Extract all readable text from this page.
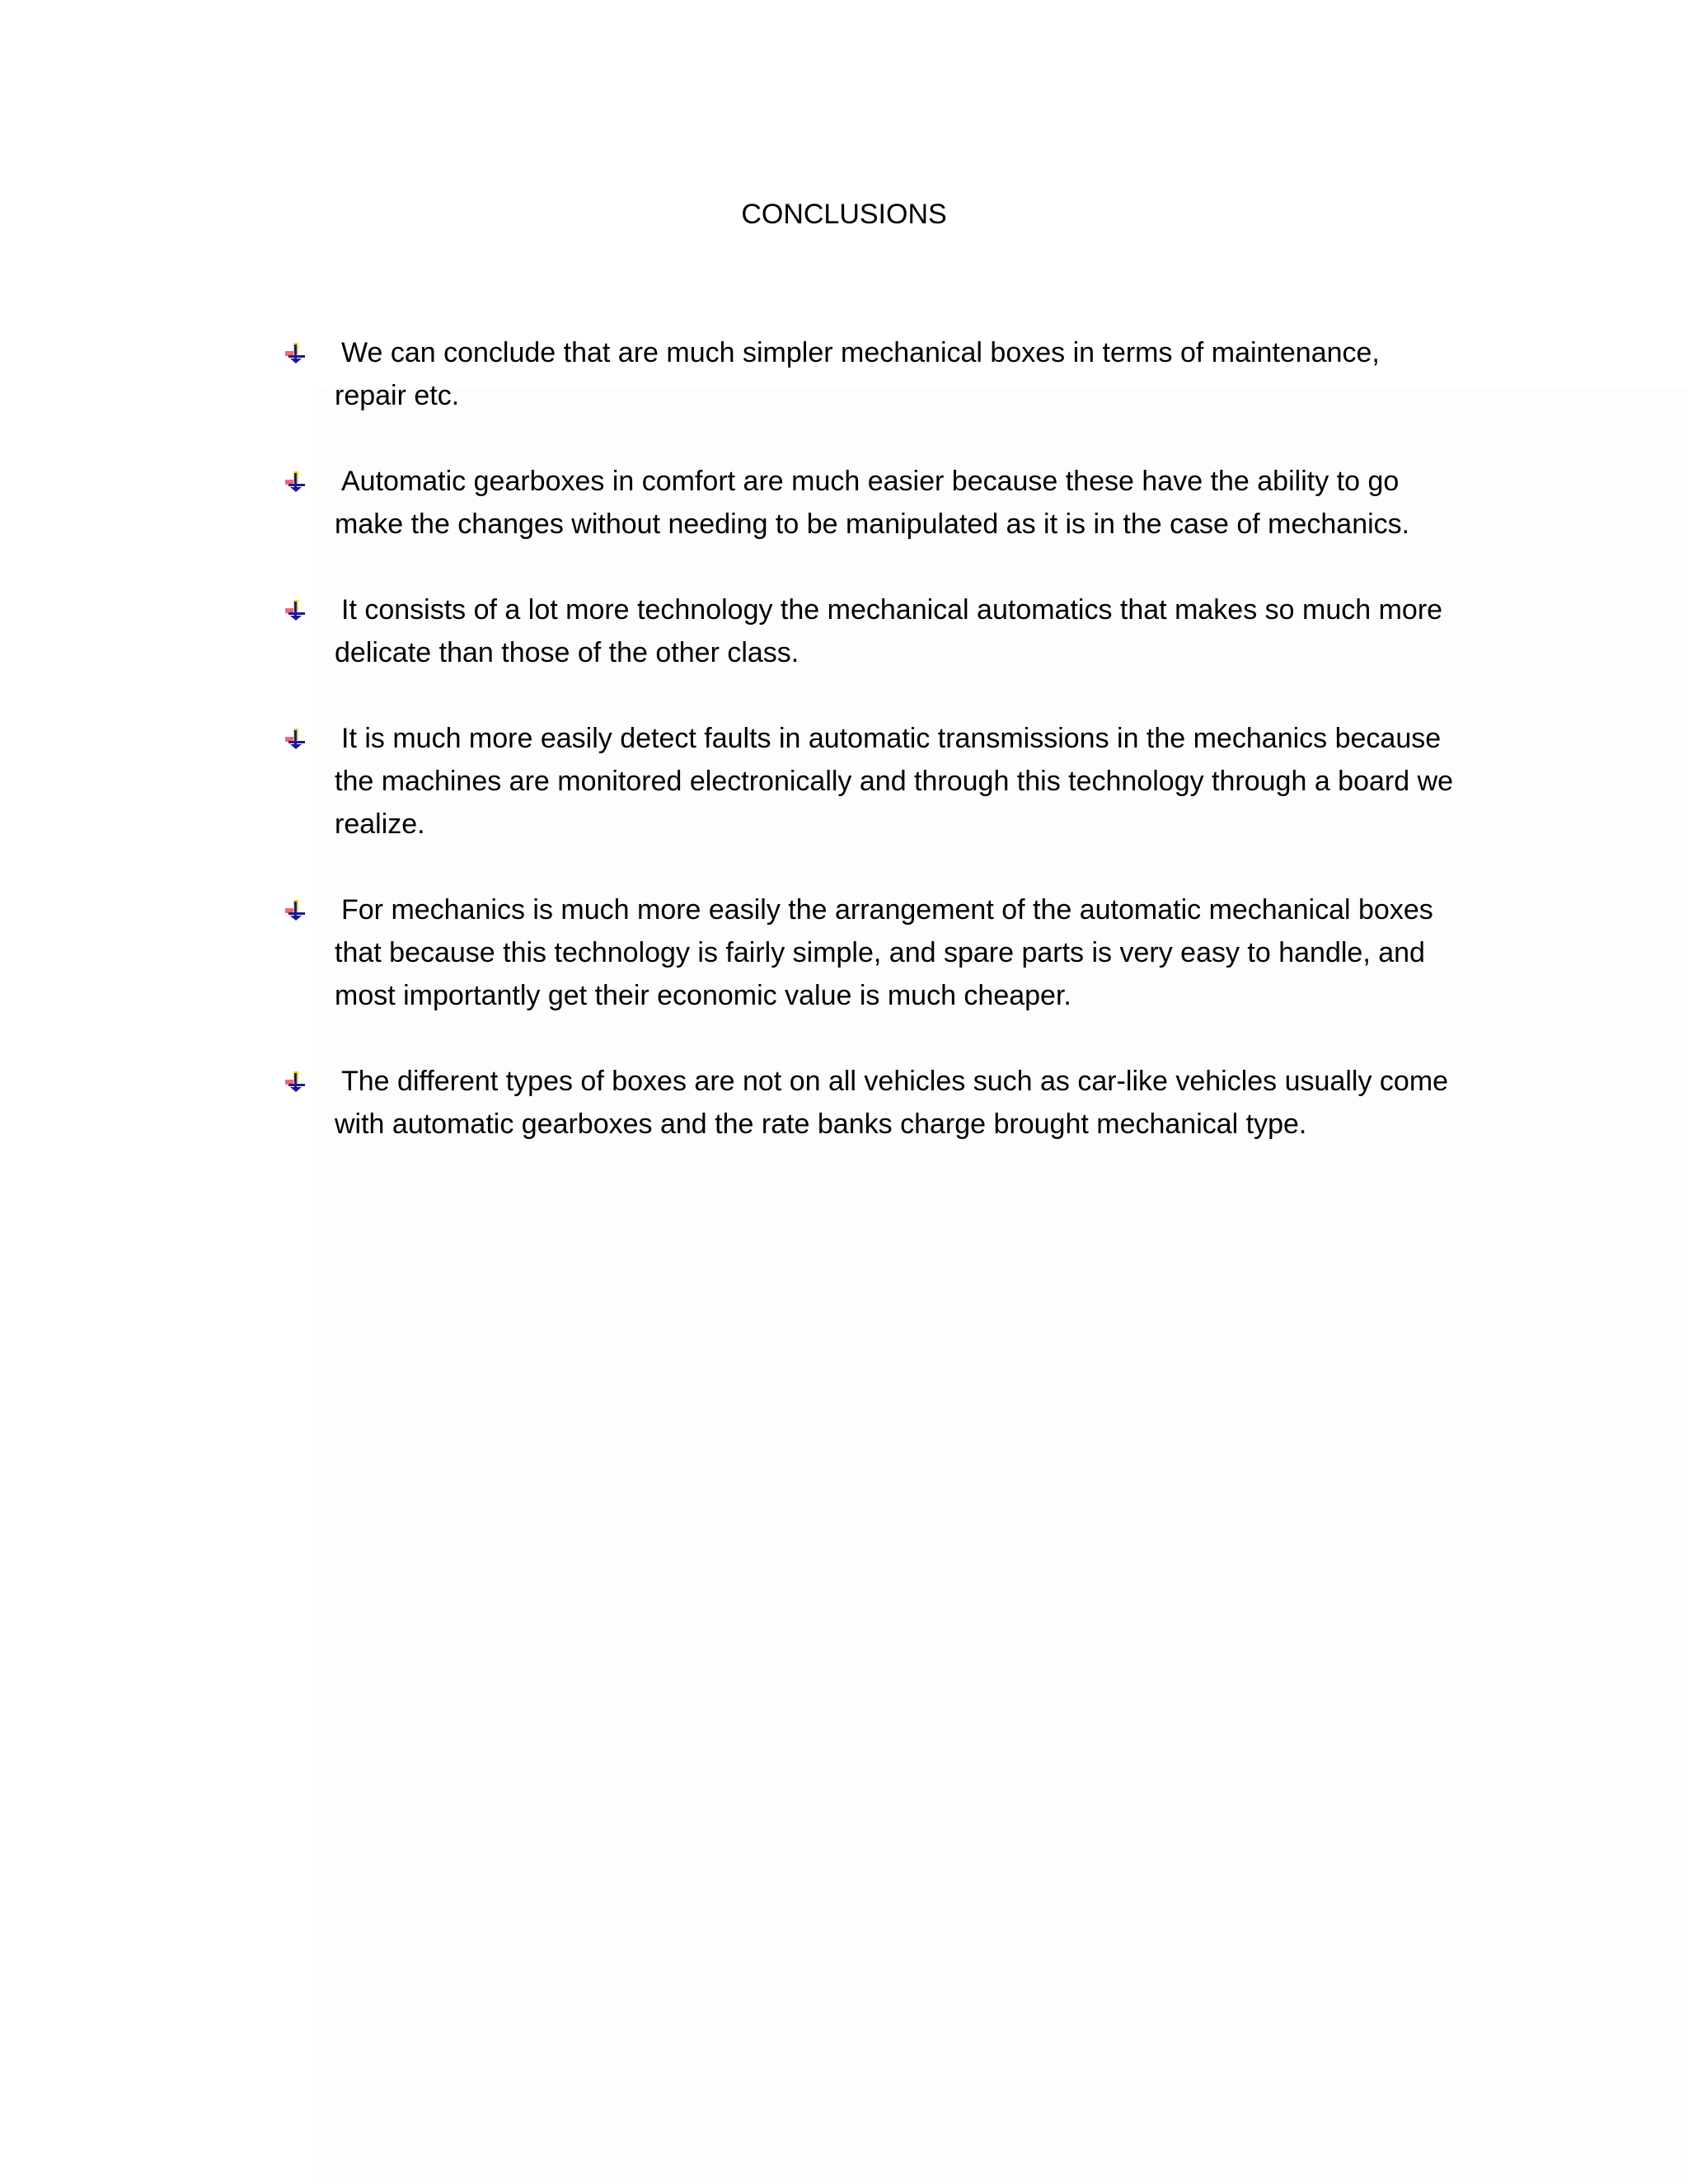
CONCLUSIONS
We can conclude that are much simpler mechanical boxes in terms of maintenance, repair etc.
Automatic gearboxes in comfort are much easier because these have the ability to go make the changes without needing to be manipulated as it is in the case of mechanics.
It consists of a lot more technology the mechanical automatics that makes so much more delicate than those of the other class.
It is much more easily detect faults in automatic transmissions in the mechanics because the machines are monitored electronically and through this technology through a board we realize.
For mechanics is much more easily the arrangement of the automatic mechanical boxes that because this technology is fairly simple, and spare parts is very easy to handle, and most importantly get their economic value is much cheaper.
The different types of boxes are not on all vehicles such as car-like vehicles usually come with automatic gearboxes and the rate banks charge brought mechanical type.
